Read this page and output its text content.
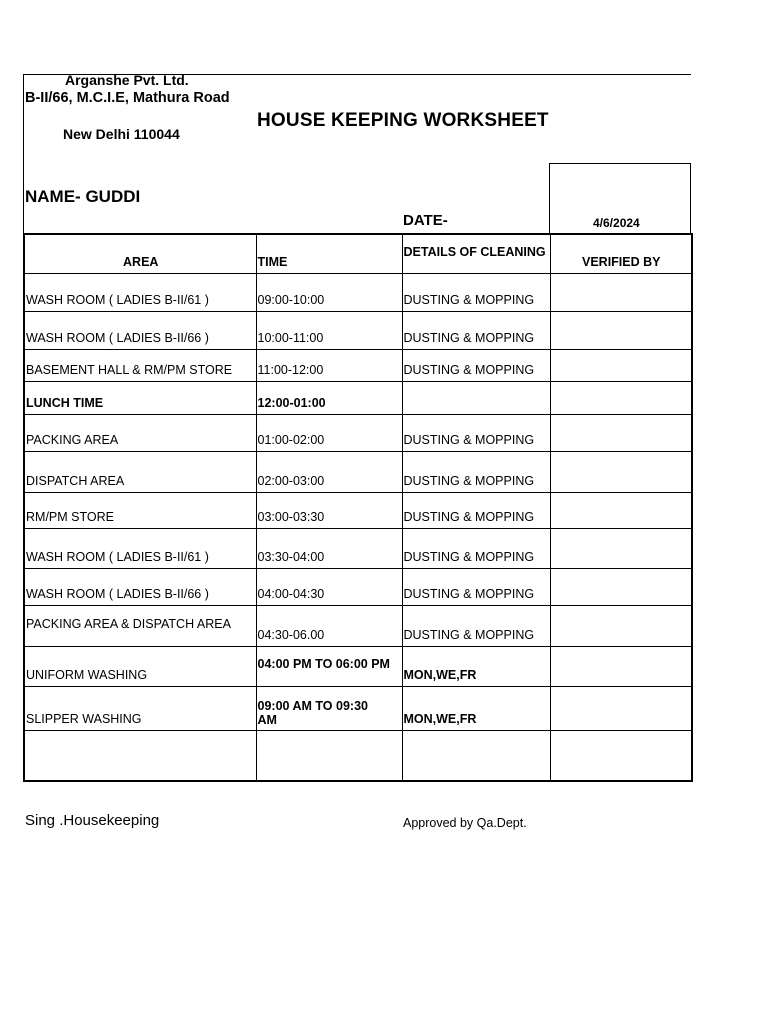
Arganshe Pvt. Ltd.
B-II/66, M.C.I.E, Mathura Road
New Delhi 110044
HOUSE KEEPING WORKSHEET
NAME- GUDDI
DATE-	4/6/2024
AREA	TIME	DETAILS OF CLEANING	VERIFIED BY

WASH ROOM ( LADIES B-II/61 )	09:00-10:00	DUSTING & MOPPING	

WASH ROOM ( LADIES B-II/66 )	10:00-11:00	DUSTING & MOPPING	

BASEMENT HALL & RM/PM STORE	11:00-12:00	DUSTING & MOPPING	

LUNCH TIME	12:00-01:00		

PACKING AREA	01:00-02:00	DUSTING & MOPPING	

DISPATCH AREA	02:00-03:00	DUSTING & MOPPING	

RM/PM STORE	03:00-03:30	DUSTING & MOPPING	

WASH ROOM ( LADIES B-II/61 )	03:30-04:00	DUSTING & MOPPING	

WASH ROOM ( LADIES B-II/66 )	04:00-04:30	DUSTING & MOPPING	

PACKING AREA & DISPATCH AREA	04:30-06.00	DUSTING & MOPPING	

UNIFORM WASHING	04:00 PM TO 06:00 PM	MON,WE,FR	

SLIPPER WASHING	09:00 AM TO 09:30 AM	MON,WE,FR	

Sing .Housekeeping	Approved by Qa.Dept.
